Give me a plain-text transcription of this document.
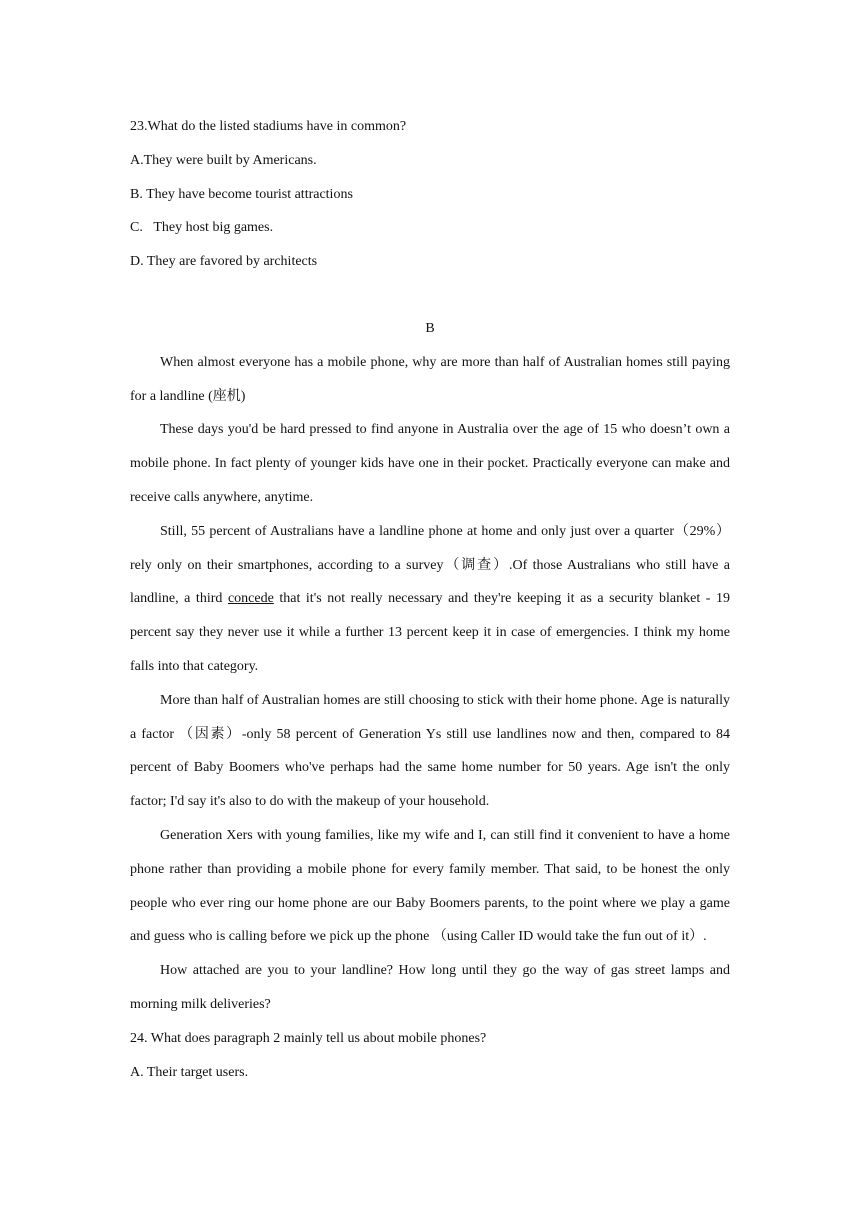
23.What do the listed stadiums have in common?

A.They were built by Americans.

B. They have become tourist attractions

C.   They host big games.

D. They are favored by architects

B

When almost everyone has a mobile phone, why are more than half of Australian homes still paying for a landline (座机)

These days you'd be hard pressed to find anyone in Australia over the age of 15 who doesn’t own a mobile phone. In fact plenty of younger kids have one in their pocket. Practically everyone can make and receive calls anywhere, anytime.

Still, 55 percent of Australians have a landline phone at home and only just over a quarter（29%） rely only on their smartphones, according to a survey（调查）.Of those Australians who still have a landline, a third concede that it's not really necessary and they're keeping it as a security blanket - 19 percent say they never use it while a further 13 percent keep it in case of emergencies. I think my home falls into that category.

More than half of Australian homes are still choosing to stick with their home phone. Age is naturally a factor （因素）-only 58 percent of Generation Ys still use landlines now and then, compared to 84 percent of Baby Boomers who've perhaps had the same home number for 50 years. Age isn't the only factor; I'd say it's also to do with the makeup of your household.

Generation Xers with young families, like my wife and I, can still find it convenient to have a home phone rather than providing a mobile phone for every family member. That said, to be honest the only people who ever ring our home phone are our Baby Boomers parents, to the point where we play a game and guess who is calling before we pick up the phone （using Caller ID would take the fun out of it）.

How attached are you to your landline? How long until they go the way of gas street lamps and morning milk deliveries?

24. What does paragraph 2 mainly tell us about mobile phones?

A. Their target users.
